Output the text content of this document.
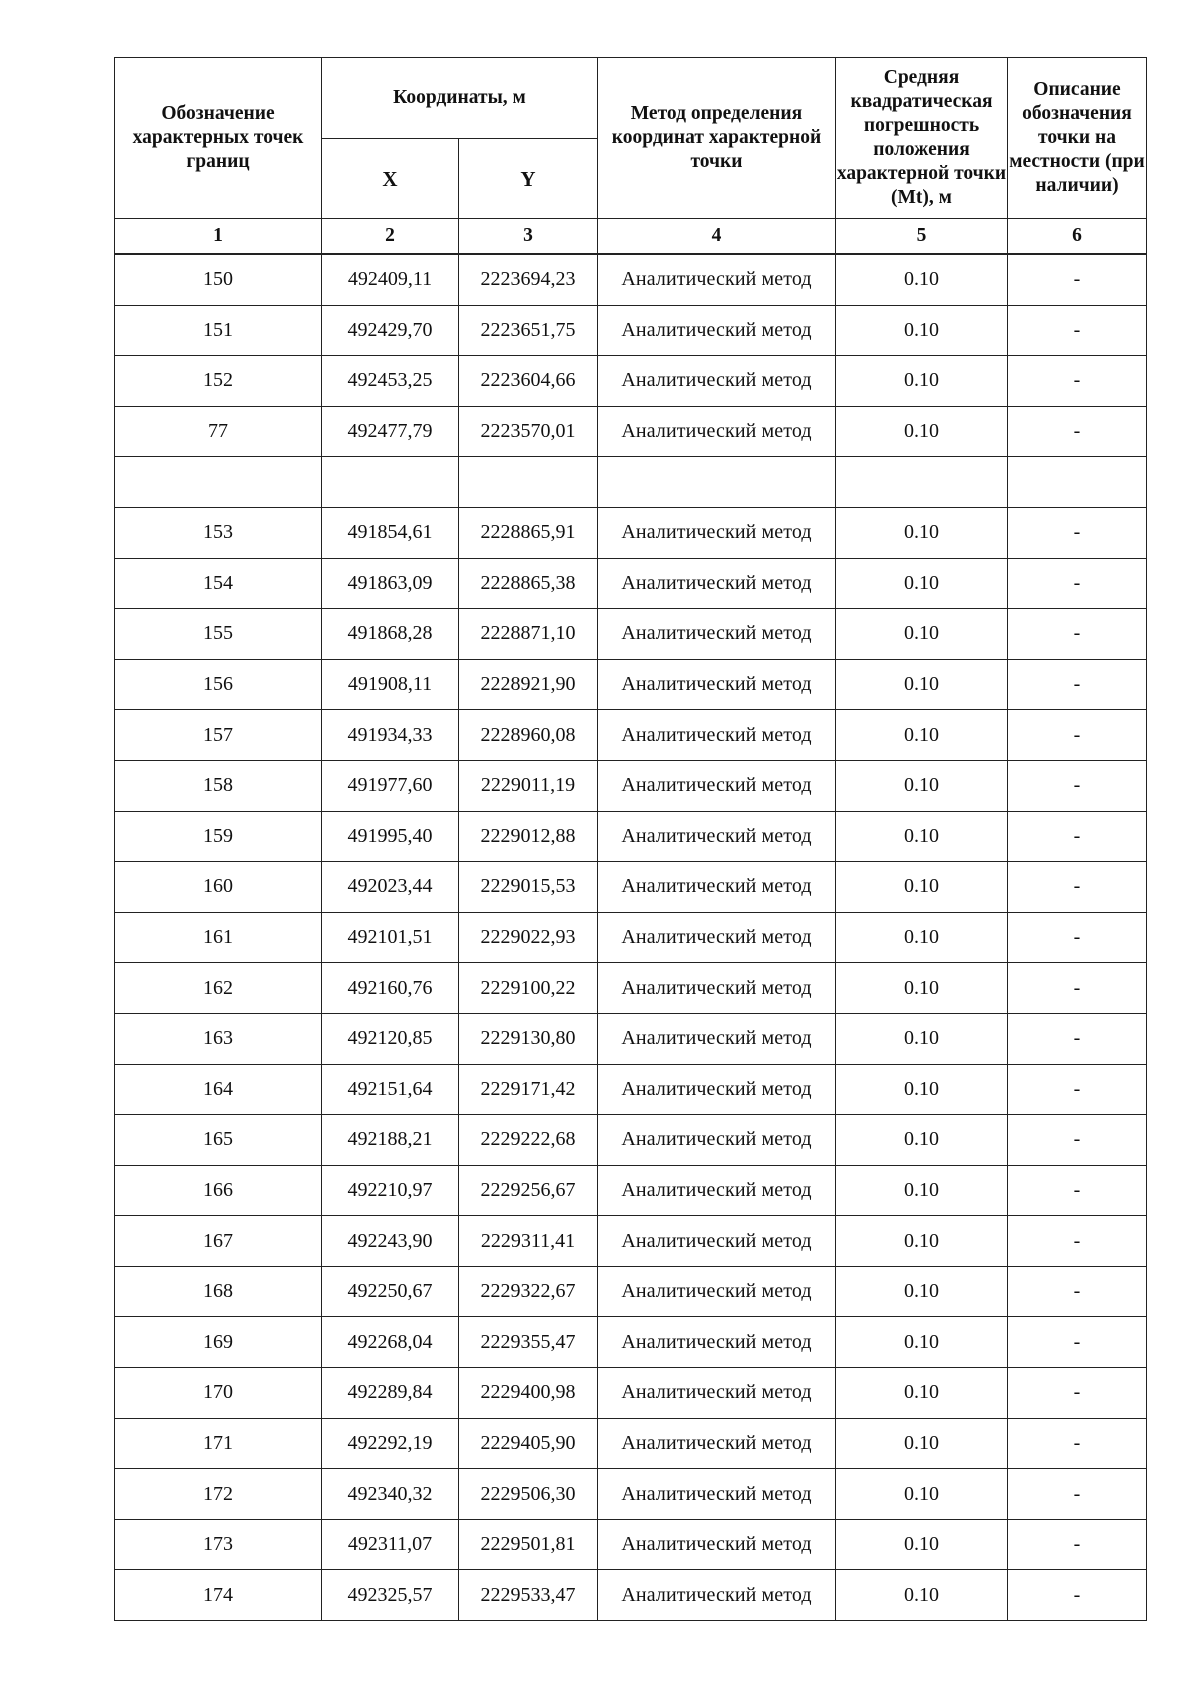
Обозначение характерных точек границ	Координаты, м		Метод определения координат характерной точки	Средняя квадратическая погрешность положения характерной точки (Mt), м	Описание обозначения точки на местности (при наличии)
	X	Y			
1	2	3	4	5	6
150	492409,11	2223694,23	Аналитический метод	0.10	-
151	492429,70	2223651,75	Аналитический метод	0.10	-
152	492453,25	2223604,66	Аналитический метод	0.10	-
77	492477,79	2223570,01	Аналитический метод	0.10	-

153	491854,61	2228865,91	Аналитический метод	0.10	-
154	491863,09	2228865,38	Аналитический метод	0.10	-
155	491868,28	2228871,10	Аналитический метод	0.10	-
156	491908,11	2228921,90	Аналитический метод	0.10	-
157	491934,33	2228960,08	Аналитический метод	0.10	-
158	491977,60	2229011,19	Аналитический метод	0.10	-
159	491995,40	2229012,88	Аналитический метод	0.10	-
160	492023,44	2229015,53	Аналитический метод	0.10	-
161	492101,51	2229022,93	Аналитический метод	0.10	-
162	492160,76	2229100,22	Аналитический метод	0.10	-
163	492120,85	2229130,80	Аналитический метод	0.10	-
164	492151,64	2229171,42	Аналитический метод	0.10	-
165	492188,21	2229222,68	Аналитический метод	0.10	-
166	492210,97	2229256,67	Аналитический метод	0.10	-
167	492243,90	2229311,41	Аналитический метод	0.10	-
168	492250,67	2229322,67	Аналитический метод	0.10	-
169	492268,04	2229355,47	Аналитический метод	0.10	-
170	492289,84	2229400,98	Аналитический метод	0.10	-
171	492292,19	2229405,90	Аналитический метод	0.10	-
172	492340,32	2229506,30	Аналитический метод	0.10	-
173	492311,07	2229501,81	Аналитический метод	0.10	-
174	492325,57	2229533,47	Аналитический метод	0.10	-
